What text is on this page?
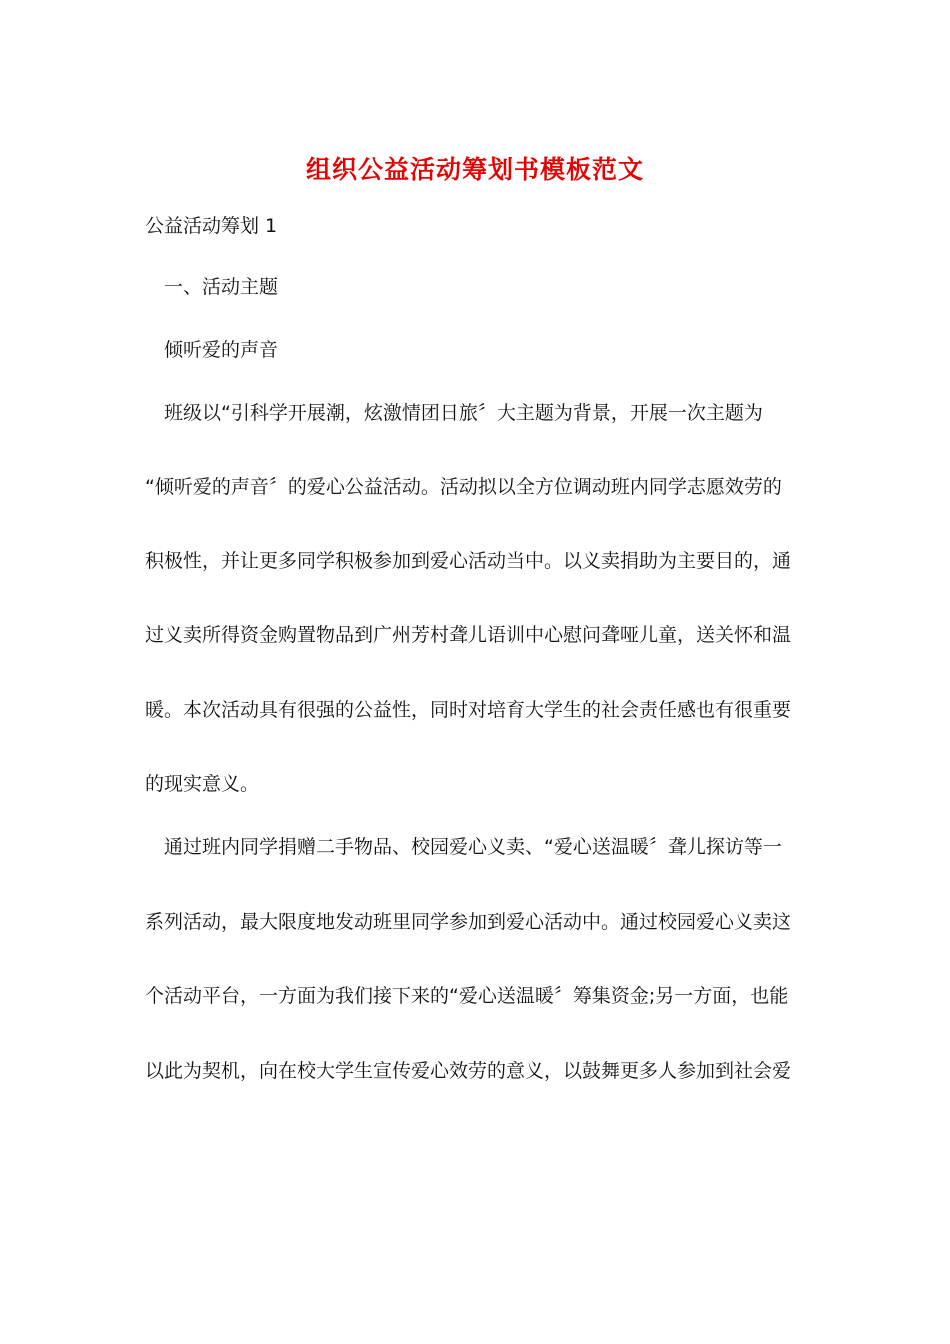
组织公益活动筹划书模板范文
公益活动筹划 1
一、活动主题
倾听爱的声音
班级以“引科学开展潮，炫激情团日旅〞大主题为背景，开展一次主题为
“倾听爱的声音〞的爱心公益活动。活动拟以全方位调动班内同学志愿效劳的
积极性，并让更多同学积极参加到爱心活动当中。以义卖捐助为主要目的，通
过义卖所得资金购置物品到广州芳村聋儿语训中心慰问聋哑儿童，送关怀和温
暖。本次活动具有很强的公益性，同时对培育大学生的社会责任感也有很重要
的现实意义。
通过班内同学捐赠二手物品、校园爱心义卖、“爱心送温暖〞聋儿探访等一
系列活动，最大限度地发动班里同学参加到爱心活动中。通过校园爱心义卖这
个活动平台，一方面为我们接下来的“爱心送温暖〞筹集资金;另一方面，也能
以此为契机，向在校大学生宣传爱心效劳的意义，以鼓舞更多人参加到社会爱
